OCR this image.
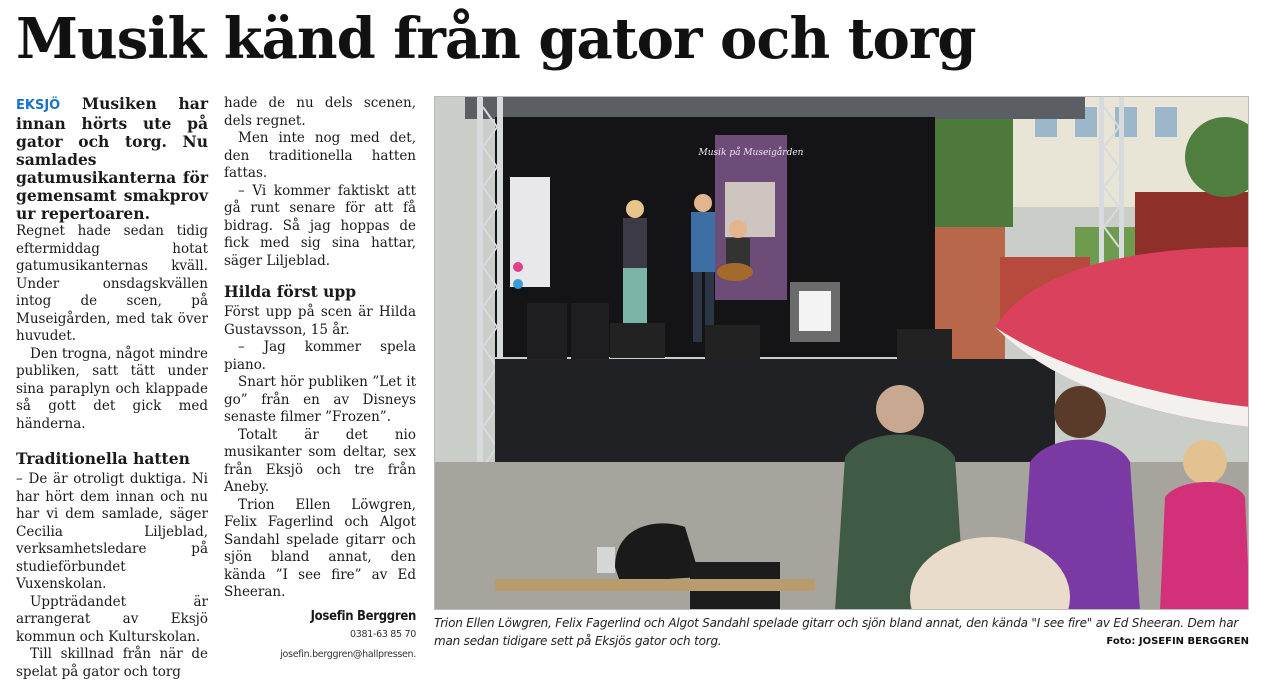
Musik känd från gator och torg

EKSJÖ Musiken har innan hörts ute på gator och torg. Nu samlades gatumusikanterna för gemensamt smakprov ur repertoaren.

Regnet hade sedan tidig eftermiddag hotat gatumusikanternas kväll. Under onsdagskvällen intog de scen, på Museigården, med tak över huvudet.

Den trogna, något mindre publiken, satt tätt under sina paraplyn och klappade så gott det gick med händerna.

Traditionella hatten

– De är otroligt duktiga. Ni har hört dem innan och nu har vi dem samlade, säger Cecilia Liljeblad, verksamhetsledare på studieförbundet Vuxenskolan.

Uppträdandet är arrangerat av Eksjö kommun och Kulturskolan.

Till skillnad från när de spelat på gator och torg

hade de nu dels scenen, dels regnet.

Men inte nog med det, den traditionella hatten fattas.

– Vi kommer faktiskt att gå runt senare för att få bidrag. Så jag hoppas de fick med sig sina hattar, säger Liljeblad.

Hilda först upp

Först upp på scen är Hilda Gustavsson, 15 år.

– Jag kommer spela piano.

Snart hör publiken ”Let it go” från en av Disneys senaste filmer ”Frozen”.

Totalt är det nio musikanter som deltar, sex från Eksjö och tre från Aneby.

Trion Ellen Löwgren, Felix Fagerlind och Algot Sandahl spelade gitarr och sjön bland annat, den kända ”I see fire” av Ed Sheeran.

Josefin Berggren
0381-63 85 70
josefin.berggren@hallpressen.
Musik på Museigården
Trion Ellen Löwgren, Felix Fagerlind och Algot Sandahl spelade gitarr och sjön bland annat, den kända "I see fire" av Ed Sheeran. Dem har man sedan tidigare sett på Eksjös gator och torg.	Foto: JOSEFIN BERGGREN
